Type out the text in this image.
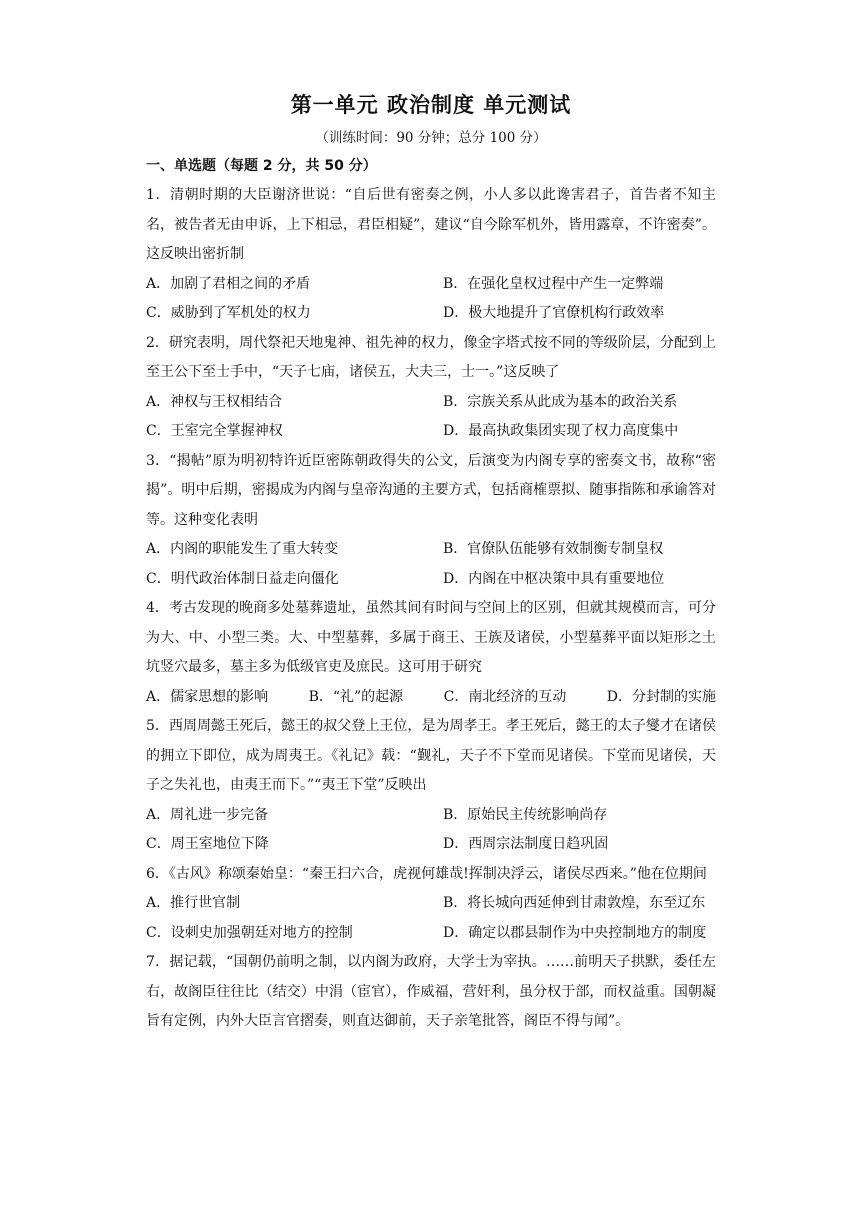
第一单元 政治制度 单元测试
（训练时间：90 分钟；总分 100 分）
一、单选题（每题 2 分，共 50 分）

1．清朝时期的大臣谢济世说：“自后世有密奏之例，小人多以此谗害君子，首告者不知主名，被告者无由申诉，上下相忌，君臣相疑”，建议“自今除军机外，皆用露章，不许密奏”。这反映出密折制

A．加剧了君相之间的矛盾	B．在强化皇权过程中产生一定弊端
C．威胁到了军机处的权力	D．极大地提升了官僚机构行政效率

2．研究表明，周代祭祀天地鬼神、祖先神的权力，像金字塔式按不同的等级阶层，分配到上至王公下至士手中，“天子七庙，诸侯五，大夫三，士一。”这反映了

A．神权与王权相结合	B．宗族关系从此成为基本的政治关系
C．王室完全掌握神权	D．最高执政集团实现了权力高度集中

3．“揭帖”原为明初特许近臣密陈朝政得失的公文，后演变为内阁专享的密奏文书，故称“密揭”。明中后期，密揭成为内阁与皇帝沟通的主要方式，包括商榷票拟、随事指陈和承谕答对等。这种变化表明

A．内阁的职能发生了重大转变	B．官僚队伍能够有效制衡专制皇权
C．明代政治体制日益走向僵化	D．内阁在中枢决策中具有重要地位

4．考古发现的晚商多处墓葬遗址，虽然其间有时间与空间上的区别，但就其规模而言，可分为大、中、小型三类。大、中型墓葬，多属于商王、王族及诸侯，小型墓葬平面以矩形之土坑竖穴最多，墓主多为低级官吏及庶民。这可用于研究

A．儒家思想的影响	B．“礼”的起源	C．南北经济的互动	D．分封制的实施

5．西周周懿王死后，懿王的叔父登上王位，是为周孝王。孝王死后，懿王的太子燮才在诸侯的拥立下即位，成为周夷王。《礼记》载：“觐礼，天子不下堂而见诸侯。下堂而见诸侯，天子之失礼也，由夷王而下。”“夷王下堂”反映出

A．周礼进一步完备	B．原始民主传统影响尚存
C．周王室地位下降	D．西周宗法制度日趋巩固

6．《古风》称颂秦始皇：“秦王扫六合，虎视何雄哉!挥制决浮云，诸侯尽西来。”他在位期间

A．推行世官制	B．将长城向西延伸到甘肃敦煌，东至辽东
C．设刺史加强朝廷对地方的控制	D．确定以郡县制作为中央控制地方的制度

7．据记载，“国朝仍前明之制，以内阁为政府，大学士为宰执。……前明天子拱默，委任左右，故阁臣往往比（结交）中涓（宦官），作威福，营奸利，虽分权于部，而权益重。国朝凝旨有定例，内外大臣言官摺奏，则直达御前，天子亲笔批答，阁臣不得与闻”。
